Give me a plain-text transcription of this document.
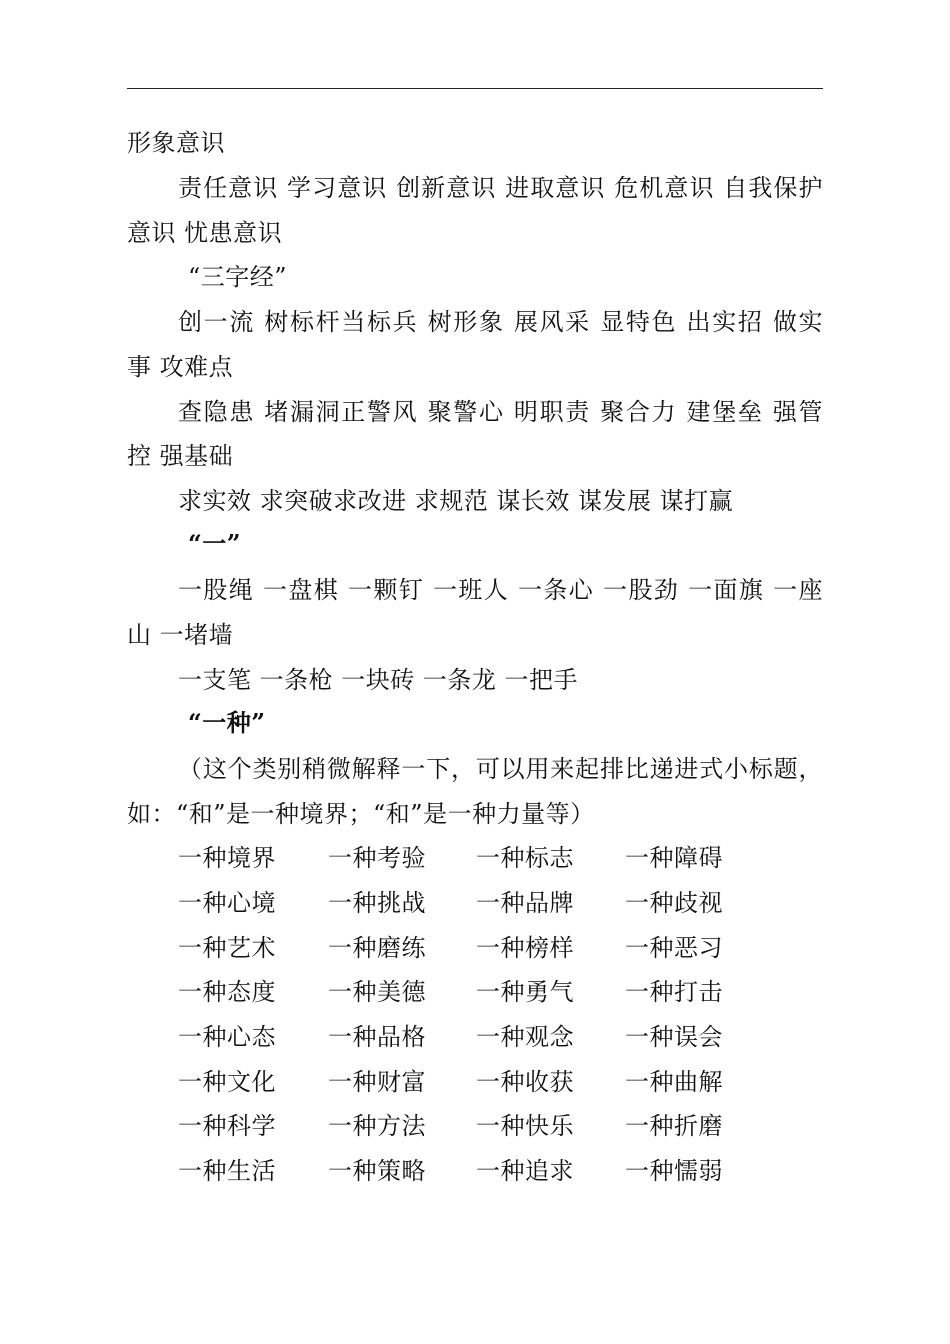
形象意识
责任意识 学习意识 创新意识 进取意识 危机意识 自我保护
意识 忧患意识
“三字经”
创一流 树标杆当标兵 树形象 展风采 显特色 出实招 做实
事 攻难点
查隐患 堵漏洞正警风 聚警心 明职责 聚合力 建堡垒 强管
控 强基础
求实效 求突破求改进 求规范 谋长效 谋发展 谋打赢
“一”
一股绳 一盘棋 一颗钉 一班人 一条心 一股劲 一面旗 一座
山 一堵墙
一支笔 一条枪 一块砖 一条龙 一把手
“一种”
（这个类别稍微解释一下，可以用来起排比递进式小标题，
如：“和”是一种境界；“和”是一种力量等）
一种境界 一种考验 一种标志 一种障碍
一种心境 一种挑战 一种品牌 一种歧视
一种艺术 一种磨练 一种榜样 一种恶习
一种态度 一种美德 一种勇气 一种打击
一种心态 一种品格 一种观念 一种误会
一种文化 一种财富 一种收获 一种曲解
一种科学 一种方法 一种快乐 一种折磨
一种生活 一种策略 一种追求 一种懦弱
